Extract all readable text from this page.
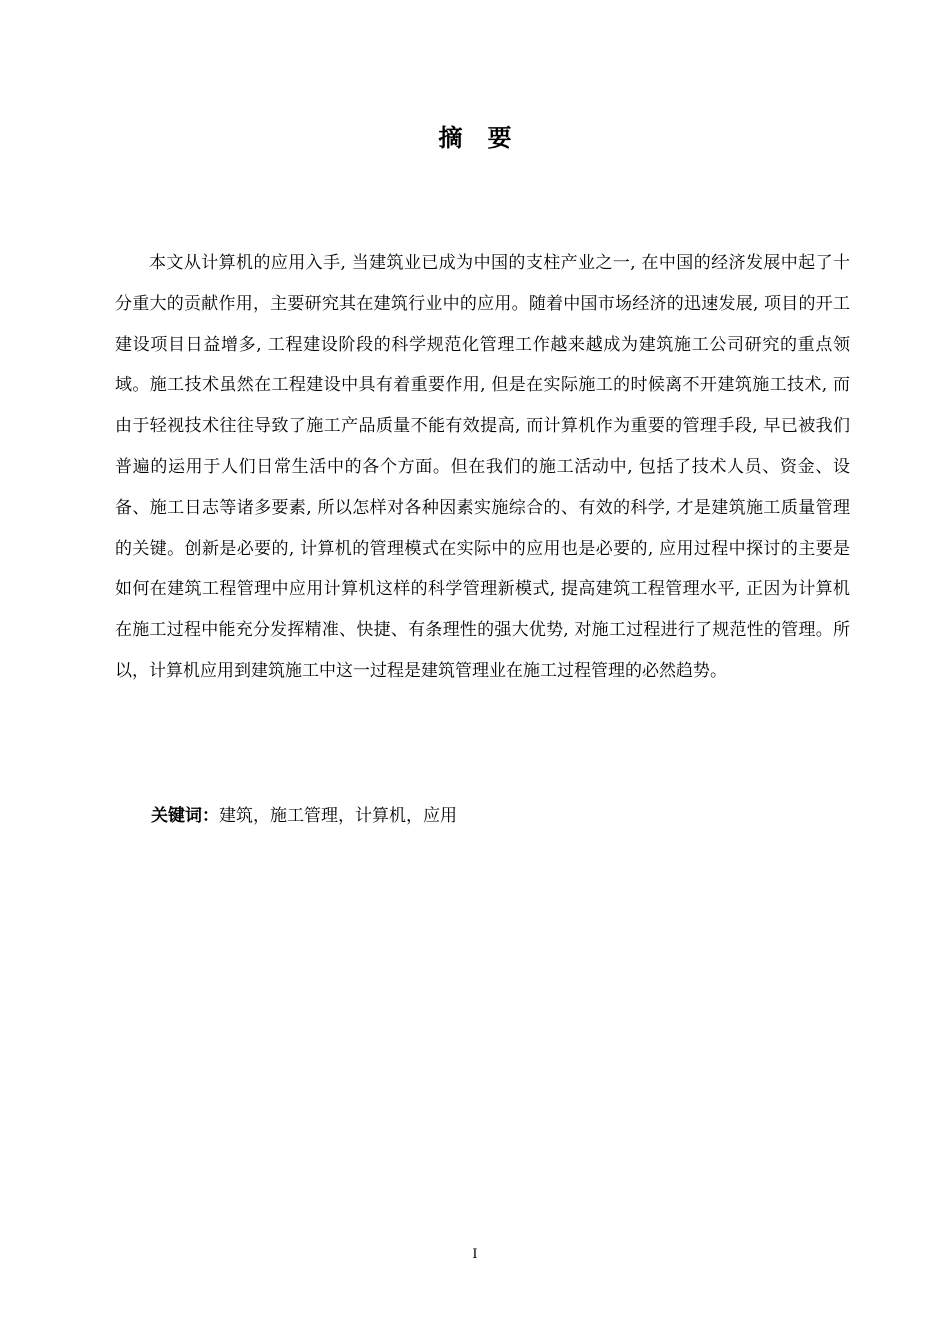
摘   要

本文从计算机的应用入手, 当建筑业已成为中国的支柱产业之一, 在中国的经济发展中起了十分重大的贡献作用，主要研究其在建筑行业中的应用。随着中国市场经济的迅速发展, 项目的开工建设项目日益增多, 工程建设阶段的科学规范化管理工作越来越成为建筑施工公司研究的重点领域。施工技术虽然在工程建设中具有着重要作用, 但是在实际施工的时候离不开建筑施工技术, 而由于轻视技术往往导致了施工产品质量不能有效提高, 而计算机作为重要的管理手段, 早已被我们普遍的运用于人们日常生活中的各个方面。但在我们的施工活动中, 包括了技术人员、资金、设备、施工日志等诸多要素, 所以怎样对各种因素实施综合的、有效的科学, 才是建筑施工质量管理的关键。创新是必要的, 计算机的管理模式在实际中的应用也是必要的, 应用过程中探讨的主要是如何在建筑工程管理中应用计算机这样的科学管理新模式, 提高建筑工程管理水平, 正因为计算机在施工过程中能充分发挥精准、快捷、有条理性的强大优势, 对施工过程进行了规范性的管理。所以，计算机应用到建筑施工中这一过程是建筑管理业在施工过程管理的必然趋势。

关键词：建筑，施工管理，计算机，应用

I
